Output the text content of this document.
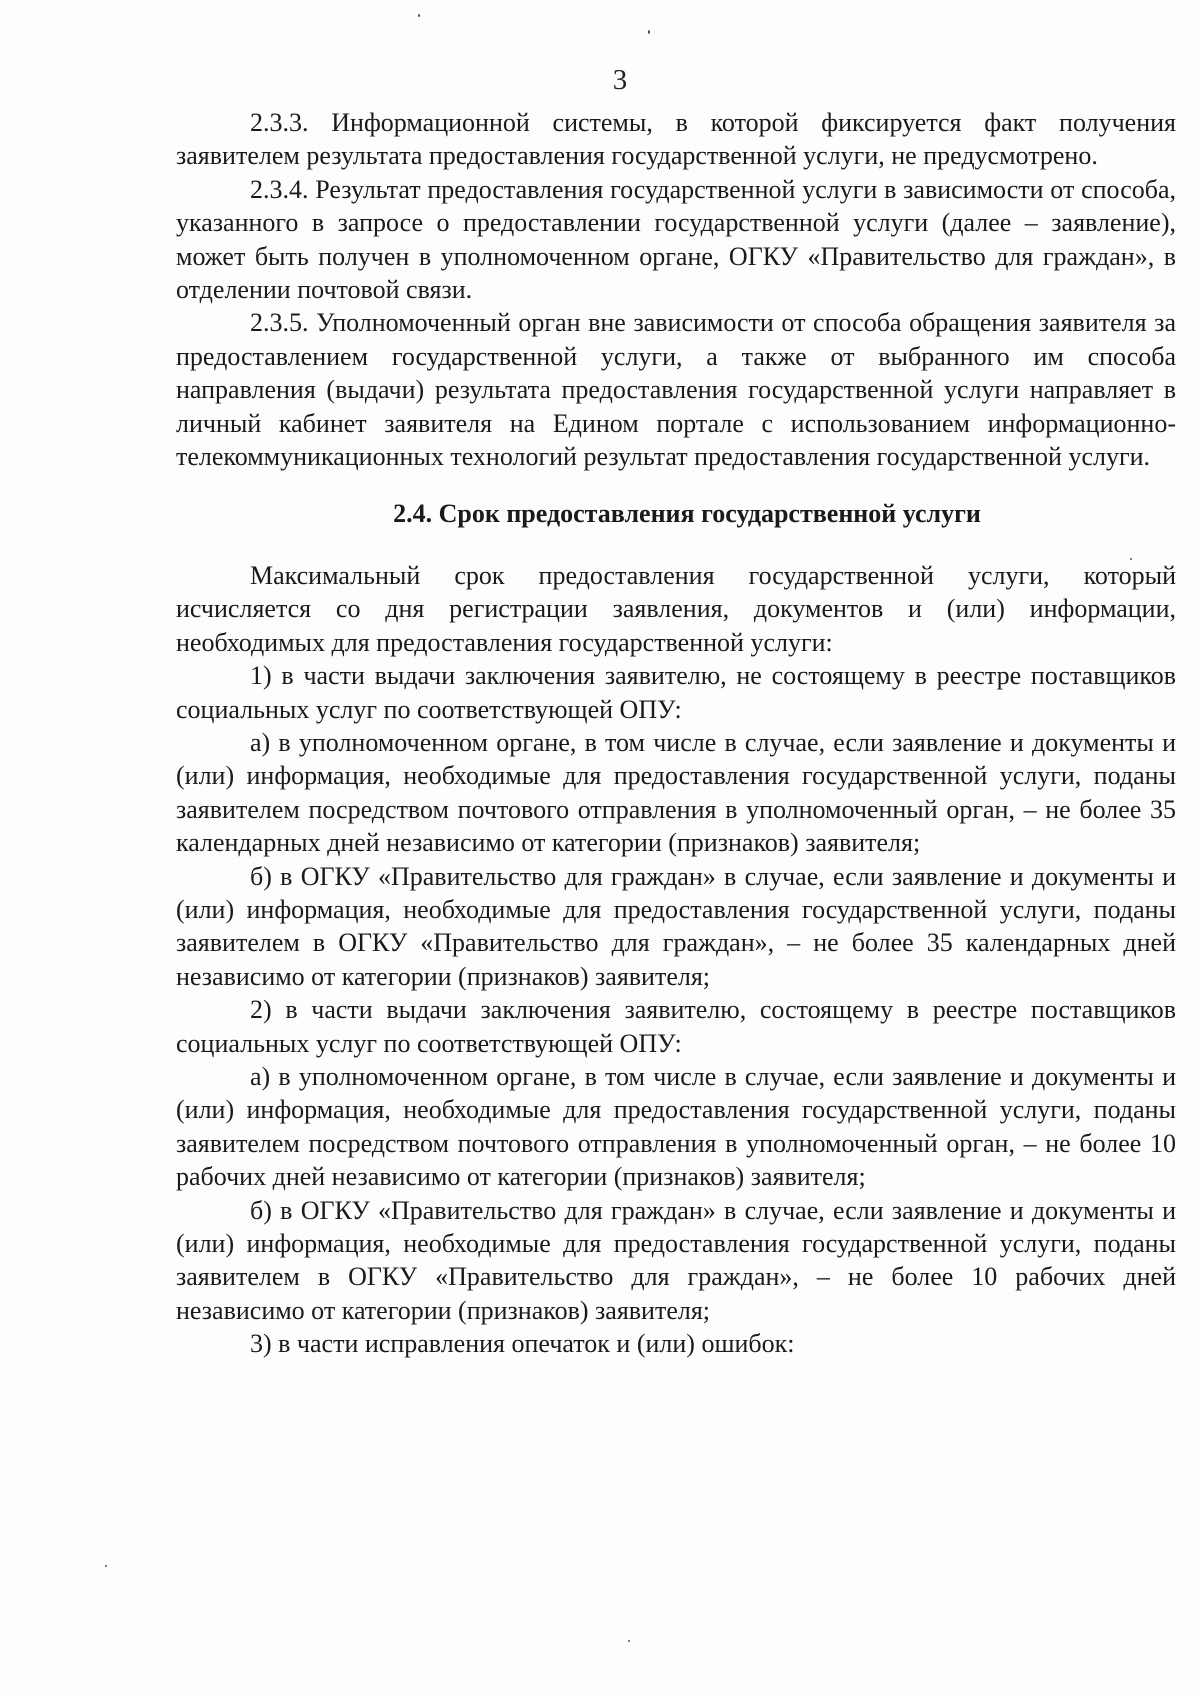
3

2.3.3. Информационной системы, в которой фиксируется факт получения заявителем результата предоставления государственной услуги, не предусмотрено.

2.3.4. Результат предоставления государственной услуги в зависимости от способа, указанного в запросе о предоставлении государственной услуги (далее – заявление), может быть получен в уполномоченном органе, ОГКУ «Правительство для граждан», в отделении почтовой связи.

2.3.5. Уполномоченный орган вне зависимости от способа обращения заявителя за предоставлением государственной услуги, а также от выбранного им способа направления (выдачи) результата предоставления государственной услуги направляет в личный кабинет заявителя на Едином портале с использованием информационно-телекоммуникационных технологий результат предоставления государственной услуги.

2.4. Срок предоставления государственной услуги

Максимальный срок предоставления государственной услуги, который исчисляется со дня регистрации заявления, документов и (или) информации, необходимых для предоставления государственной услуги:

1) в части выдачи заключения заявителю, не состоящему в реестре поставщиков социальных услуг по соответствующей ОПУ:

а) в уполномоченном органе, в том числе в случае, если заявление и документы и (или) информация, необходимые для предоставления государственной услуги, поданы заявителем посредством почтового отправления в уполномоченный орган, – не более 35 календарных дней независимо от категории (признаков) заявителя;

б) в ОГКУ «Правительство для граждан» в случае, если заявление и документы и (или) информация, необходимые для предоставления государственной услуги, поданы заявителем в ОГКУ «Правительство для граждан», – не более 35 календарных дней независимо от категории (признаков) заявителя;

2) в части выдачи заключения заявителю, состоящему в реестре поставщиков социальных услуг по соответствующей ОПУ:

а) в уполномоченном органе, в том числе в случае, если заявление и документы и (или) информация, необходимые для предоставления государственной услуги, поданы заявителем посредством почтового отправления в уполномоченный орган, – не более 10 рабочих дней независимо от категории (признаков) заявителя;

б) в ОГКУ «Правительство для граждан» в случае, если заявление и документы и (или) информация, необходимые для предоставления государственной услуги, поданы заявителем в ОГКУ «Правительство для граждан», – не более 10 рабочих дней независимо от категории (признаков) заявителя;

3) в части исправления опечаток и (или) ошибок:
